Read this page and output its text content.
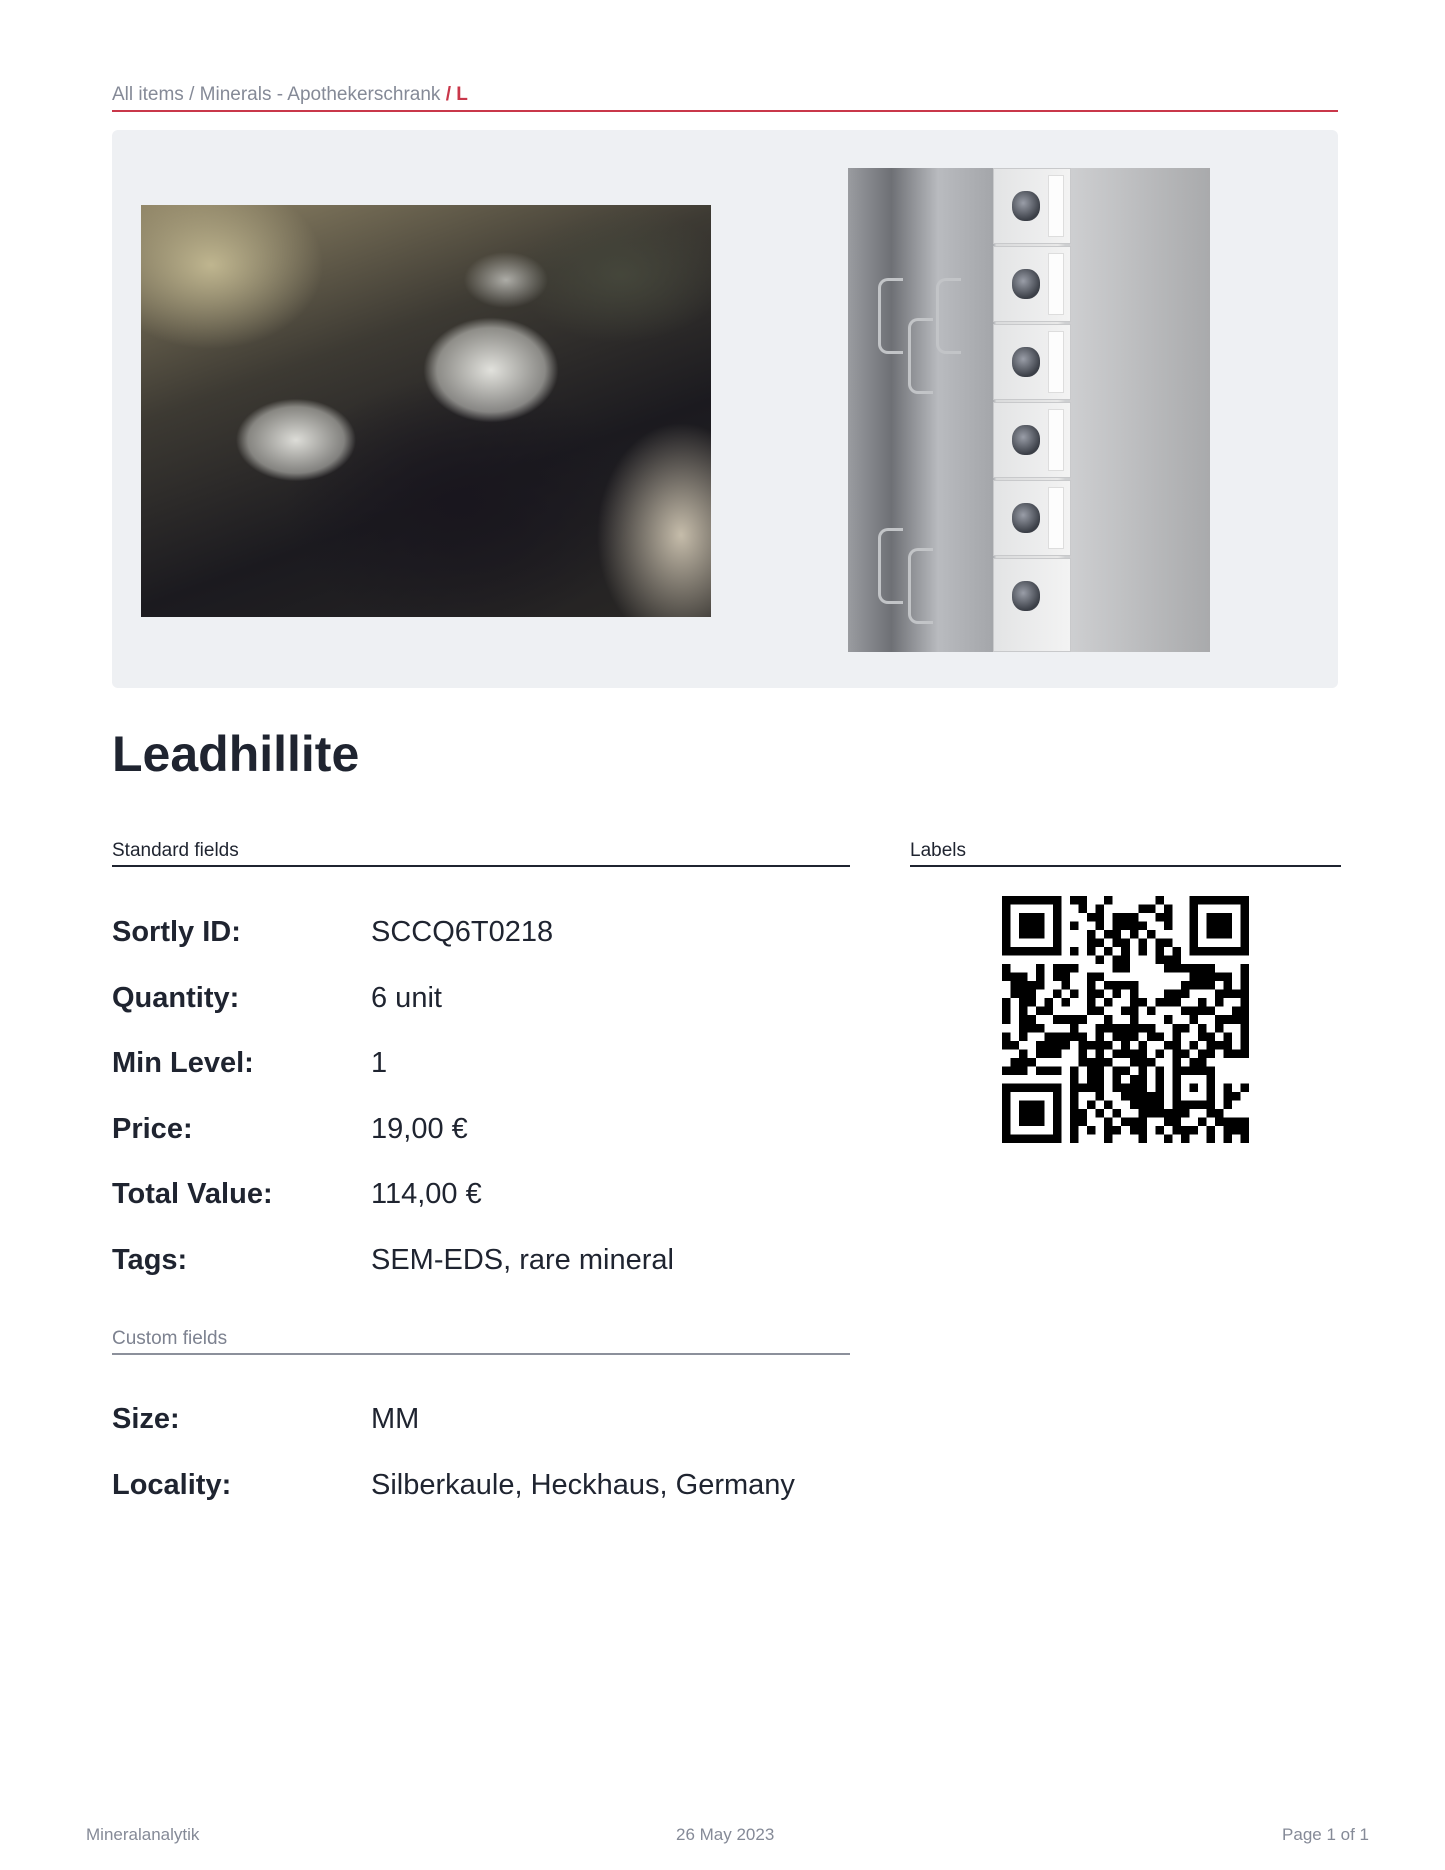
All items / Minerals - Apothekerschrank / L
Leadhillite
Standard fields	Labels
Sortly ID:	SCCQ6T0218
Quantity:	6 unit
Min Level:	1
Price:	19,00 €
Total Value:	114,00 €
Tags:	SEM-EDS, rare mineral
Custom fields
Size:	MM
Locality:	Silberkaule, Heckhaus, Germany
Mineralanalytik	26 May 2023	Page 1 of 1
